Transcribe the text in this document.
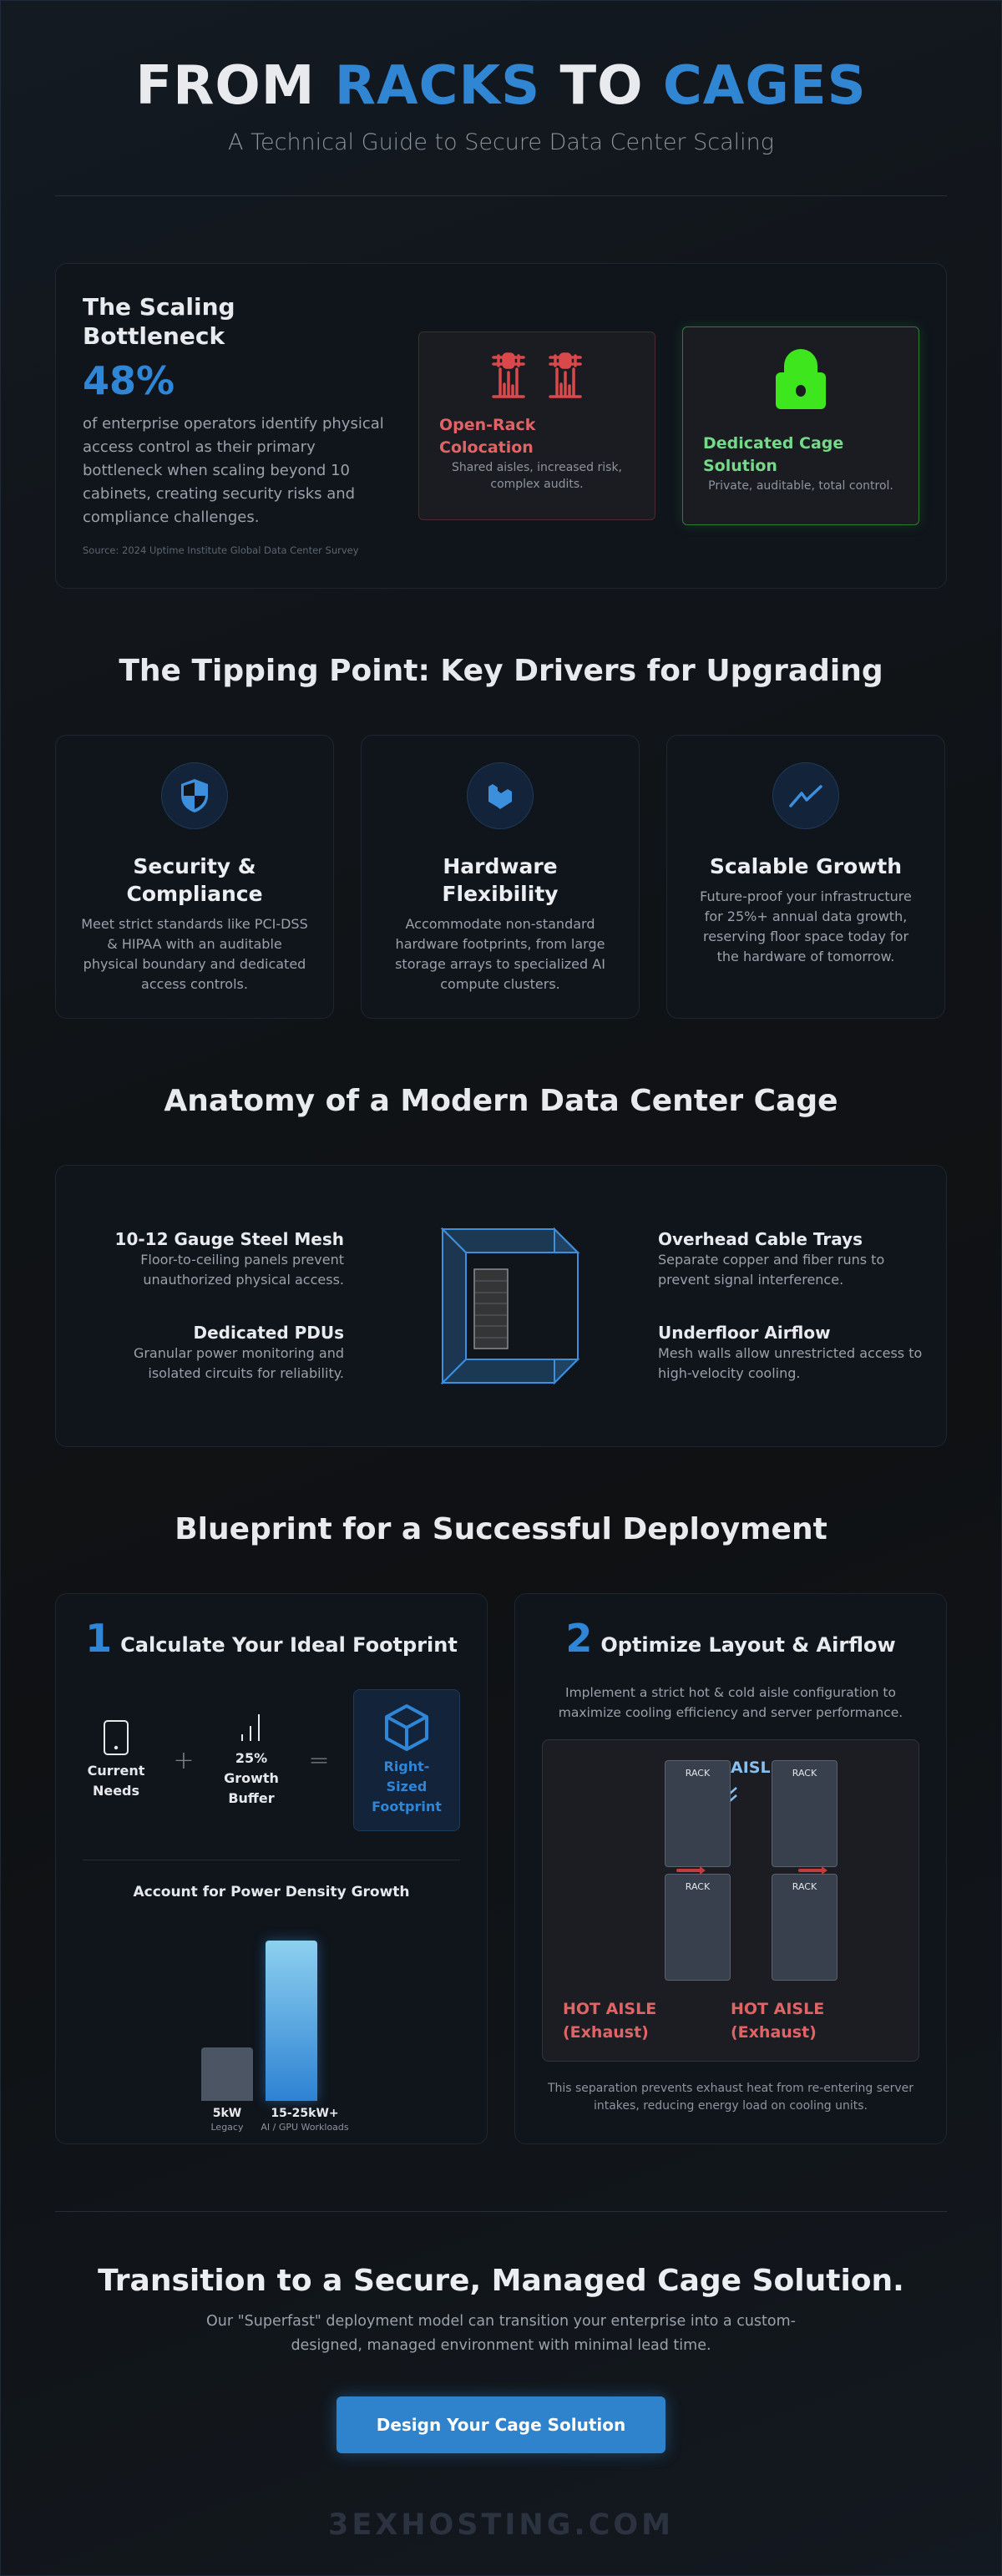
FROM RACKS TO CAGES
A Technical Guide to Secure Data Center Scaling
The Scaling Bottleneck
48%

of enterprise operators identify physical access control as their primary bottleneck when scaling beyond 10 cabinets, creating security risks and compliance challenges.

Source: 2024 Uptime Institute Global Data Center Survey

Open-Rack Colocation
Shared aisles, increased risk, complex audits.
Dedicated Cage Solution
Private, auditable, total control.
The Tipping Point: Key Drivers for Upgrading
Security & Compliance

Meet strict standards like PCI-DSS & HIPAA with an auditable physical boundary and dedicated access controls.

Hardware Flexibility

Accommodate non-standard hardware footprints, from large storage arrays to specialized AI compute clusters.

Scalable Growth

Future-proof your infrastructure for 25%+ annual data growth, reserving floor space today for the hardware of tomorrow.

Anatomy of a Modern Data Center Cage
10-12 Gauge Steel Mesh

Floor-to-ceiling panels prevent unauthorized physical access.

Dedicated PDUs

Granular power monitoring and isolated circuits for reliability.

Overhead Cable Trays

Separate copper and fiber runs to prevent signal interference.

Underfloor Airflow

Mesh walls allow unrestricted access to high-velocity cooling.

Blueprint for a Successful Deployment
1 Calculate Your Ideal Footprint
Current Needs
+	25%
Growth Buffer
=	Right-Sized Footprint
Account for Power Density Growth
5kW
Legacy
15-25kW+
AI / GPU Workloads
2 Optimize Layout & Airflow

Implement a strict hot & cold aisle configuration to maximize cooling efficiency and server performance.

AISL
RACK	RACK
RACK	RACK
HOT AISLE (Exhaust)
HOT AISLE (Exhaust)

This separation prevents exhaust heat from re-entering server intakes, reducing energy load on cooling units.

Transition to a Secure, Managed Cage Solution.

Our "Superfast" deployment model can transition your enterprise into a custom-designed, managed environment with minimal lead time.

Design Your Cage Solution
3EXHOSTING.COM
